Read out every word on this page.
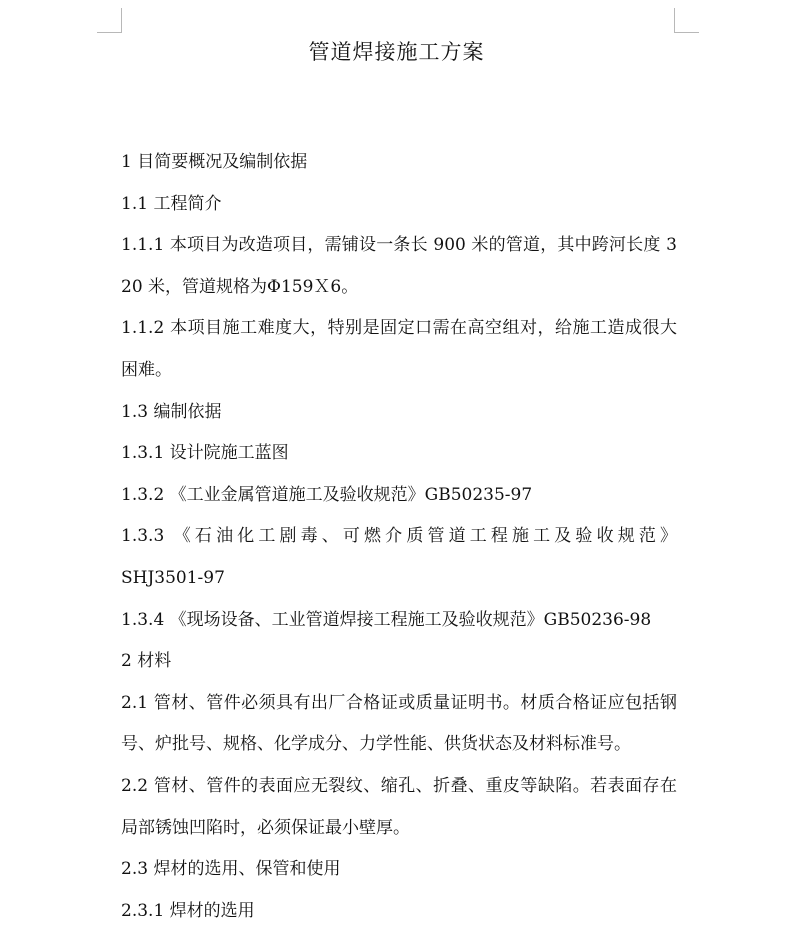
管道焊接施工方案

1 目简要概况及编制依据

1.1 工程简介

1.1.1 本项目为改造项目，需铺设一条长 900 米的管道，其中跨河长度 320 米，管道规格为Φ159Ｘ6。

1.1.2 本项目施工难度大，特别是固定口需在高空组对，给施工造成很大困难。

1.3 编制依据

1.3.1 设计院施工蓝图

1.3.2 《工业金属管道施工及验收规范》GB50235-97

1.3.3 《石油化工剧毒、可燃介质管道工程施工及验收规范》

SHJ3501-97

1.3.4 《现场设备、工业管道焊接工程施工及验收规范》GB50236-98

2 材料

2.1 管材、管件必须具有出厂合格证或质量证明书。材质合格证应包括钢号、炉批号、规格、化学成分、力学性能、供货状态及材料标准号。

2.2 管材、管件的表面应无裂纹、缩孔、折叠、重皮等缺陷。若表面存在局部锈蚀凹陷时，必须保证最小壁厚。

2.3 焊材的选用、保管和使用

2.3.1 焊材的选用
